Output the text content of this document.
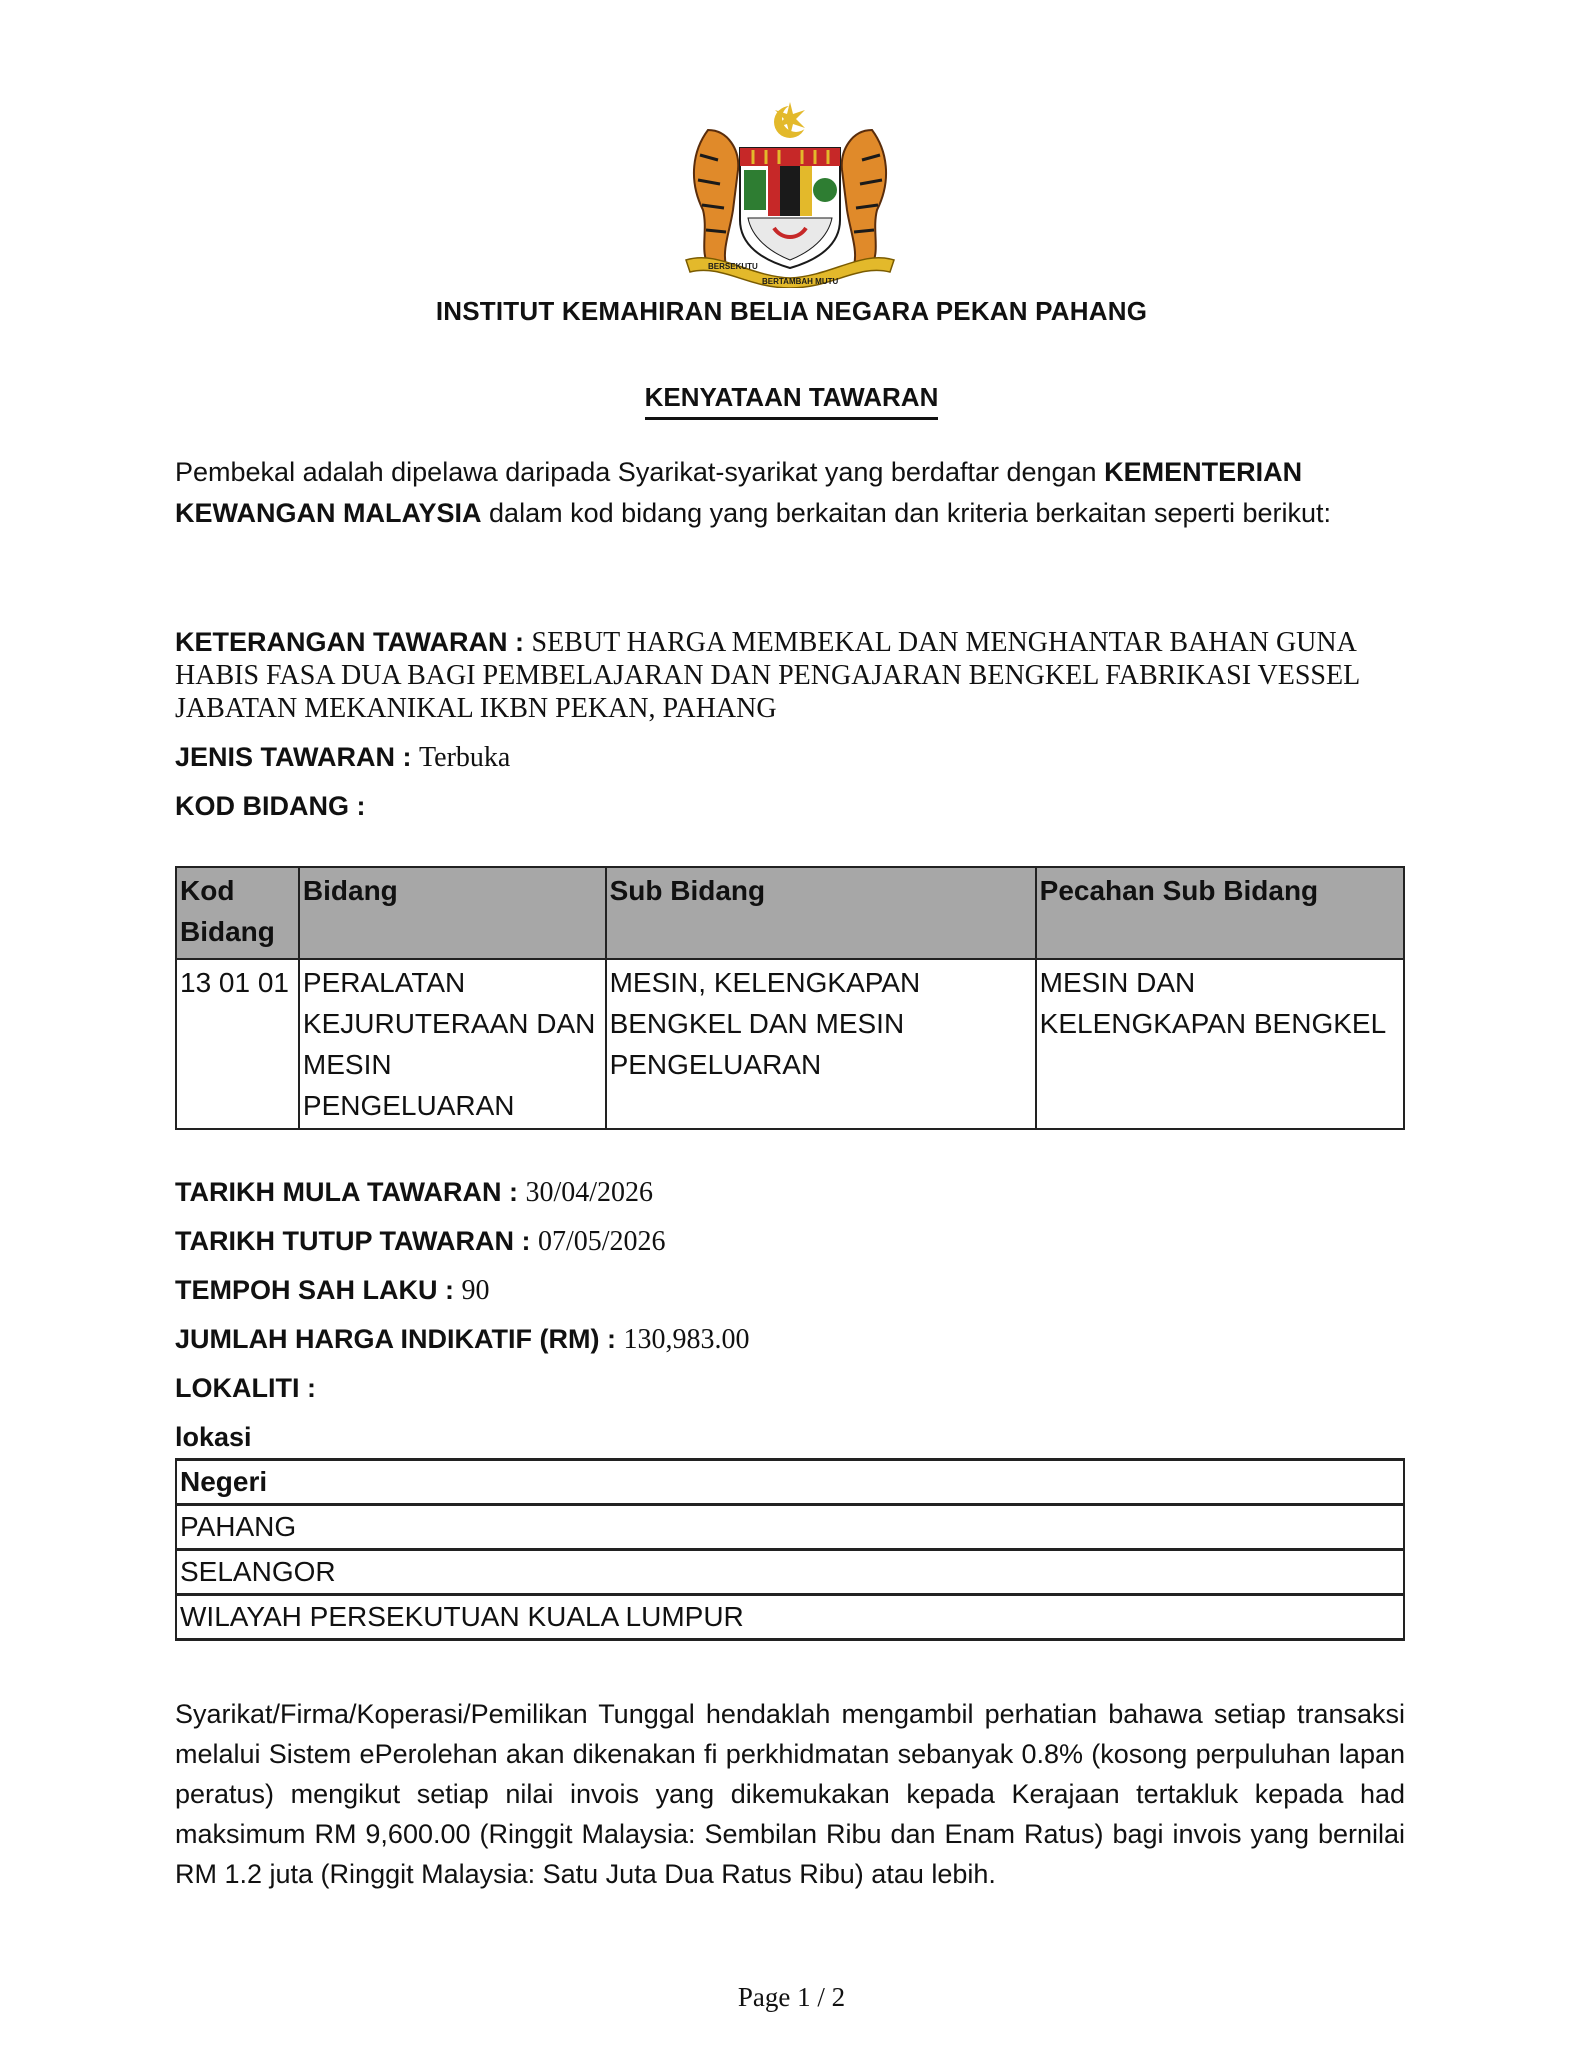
BERSEKUTU
BERTAMBAH MUTU
INSTITUT KEMAHIRAN BELIA NEGARA PEKAN PAHANG
KENYATAAN TAWARAN
Pembekal adalah dipelawa daripada Syarikat-syarikat yang berdaftar dengan KEMENTERIAN KEWANGAN MALAYSIA dalam kod bidang yang berkaitan dan kriteria berkaitan seperti berikut:
KETERANGAN TAWARAN : SEBUT HARGA MEMBEKAL DAN MENGHANTAR BAHAN GUNA HABIS FASA DUA BAGI PEMBELAJARAN DAN PENGAJARAN BENGKEL FABRIKASI VESSEL JABATAN MEKANIKAL IKBN PEKAN, PAHANG
JENIS TAWARAN : Terbuka
KOD BIDANG :
Kod Bidang	Bidang	Sub Bidang	Pecahan Sub Bidang
13 01 01	PERALATAN KEJURUTERAAN DAN MESIN PENGELUARAN	MESIN, KELENGKAPAN BENGKEL DAN MESIN PENGELUARAN	MESIN DAN KELENGKAPAN BENGKEL
TARIKH MULA TAWARAN : 30/04/2026
TARIKH TUTUP TAWARAN : 07/05/2026
TEMPOH SAH LAKU : 90
JUMLAH HARGA INDIKATIF (RM) : 130,983.00
LOKALITI :
lokasi
Negeri
PAHANG
SELANGOR
WILAYAH PERSEKUTUAN KUALA LUMPUR
Syarikat/Firma/Koperasi/Pemilikan Tunggal hendaklah mengambil perhatian bahawa setiap transaksi melalui Sistem ePerolehan akan dikenakan fi perkhidmatan sebanyak 0.8% (kosong perpuluhan lapan peratus) mengikut setiap nilai invois yang dikemukakan kepada Kerajaan tertakluk kepada had maksimum RM 9,600.00 (Ringgit Malaysia: Sembilan Ribu dan Enam Ratus) bagi invois yang bernilai RM 1.2 juta (Ringgit Malaysia: Satu Juta Dua Ratus Ribu) atau lebih.
Page 1 / 2
